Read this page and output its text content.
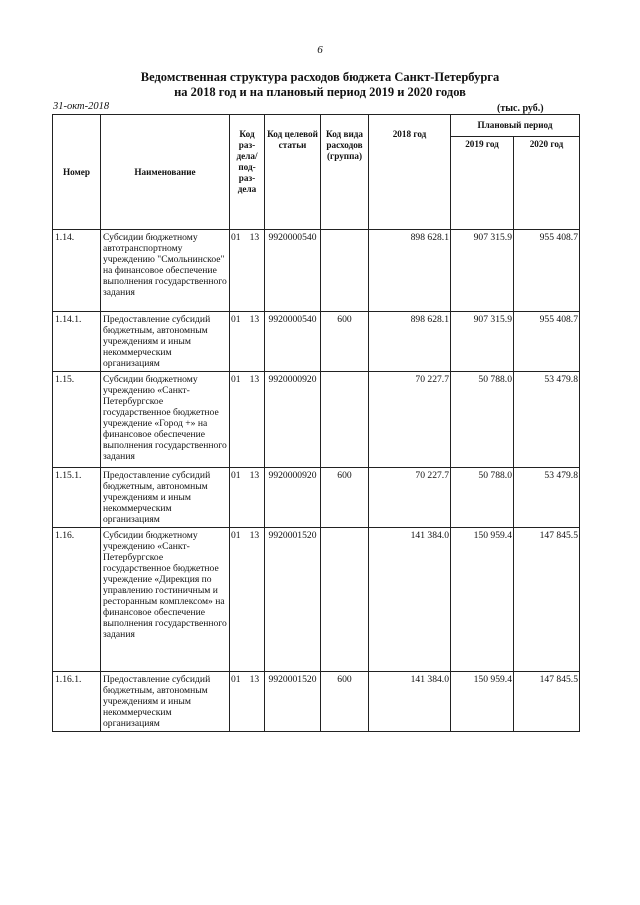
6
Ведомственная структура расходов бюджета Санкт-Петербурга
на 2018 год и на плановый период 2019 и 2020 годов
31-окт-2018	(тыс. руб.)
Номер	Наименование	Код раз-дела/ под-раз-дела	Код целевой статьи	Код вида расходов (группа)	2018 год	Плановый период	
						2019 год	2020 год
1.14.	Субсидии бюджетному автотранспортному учреждению "Смольнинское" на финансовое обеспечение выполнения государственного задания	01 13	9920000540		898 628.1	907 315.9	955 408.7
1.14.1.	Предоставление субсидий бюджетным, автономным учреждениям и иным некоммерческим организациям	01 13	9920000540	600	898 628.1	907 315.9	955 408.7
1.15.	Субсидии бюджетному учреждению «Санкт-Петербургское государственное бюджетное учреждение «Город +» на финансовое обеспечение выполнения государственного задания	01 13	9920000920		70 227.7	50 788.0	53 479.8
1.15.1.	Предоставление субсидий бюджетным, автономным учреждениям и иным некоммерческим организациям	01 13	9920000920	600	70 227.7	50 788.0	53 479.8
1.16.	Субсидии бюджетному учреждению «Санкт-Петербургское государственное бюджетное учреждение «Дирекция по управлению гостиничным и ресторанным комплексом» на финансовое обеспечение выполнения государственного задания	01 13	9920001520		141 384.0	150 959.4	147 845.5
1.16.1.	Предоставление субсидий бюджетным, автономным учреждениям и иным некоммерческим организациям	01 13	9920001520	600	141 384.0	150 959.4	147 845.5
